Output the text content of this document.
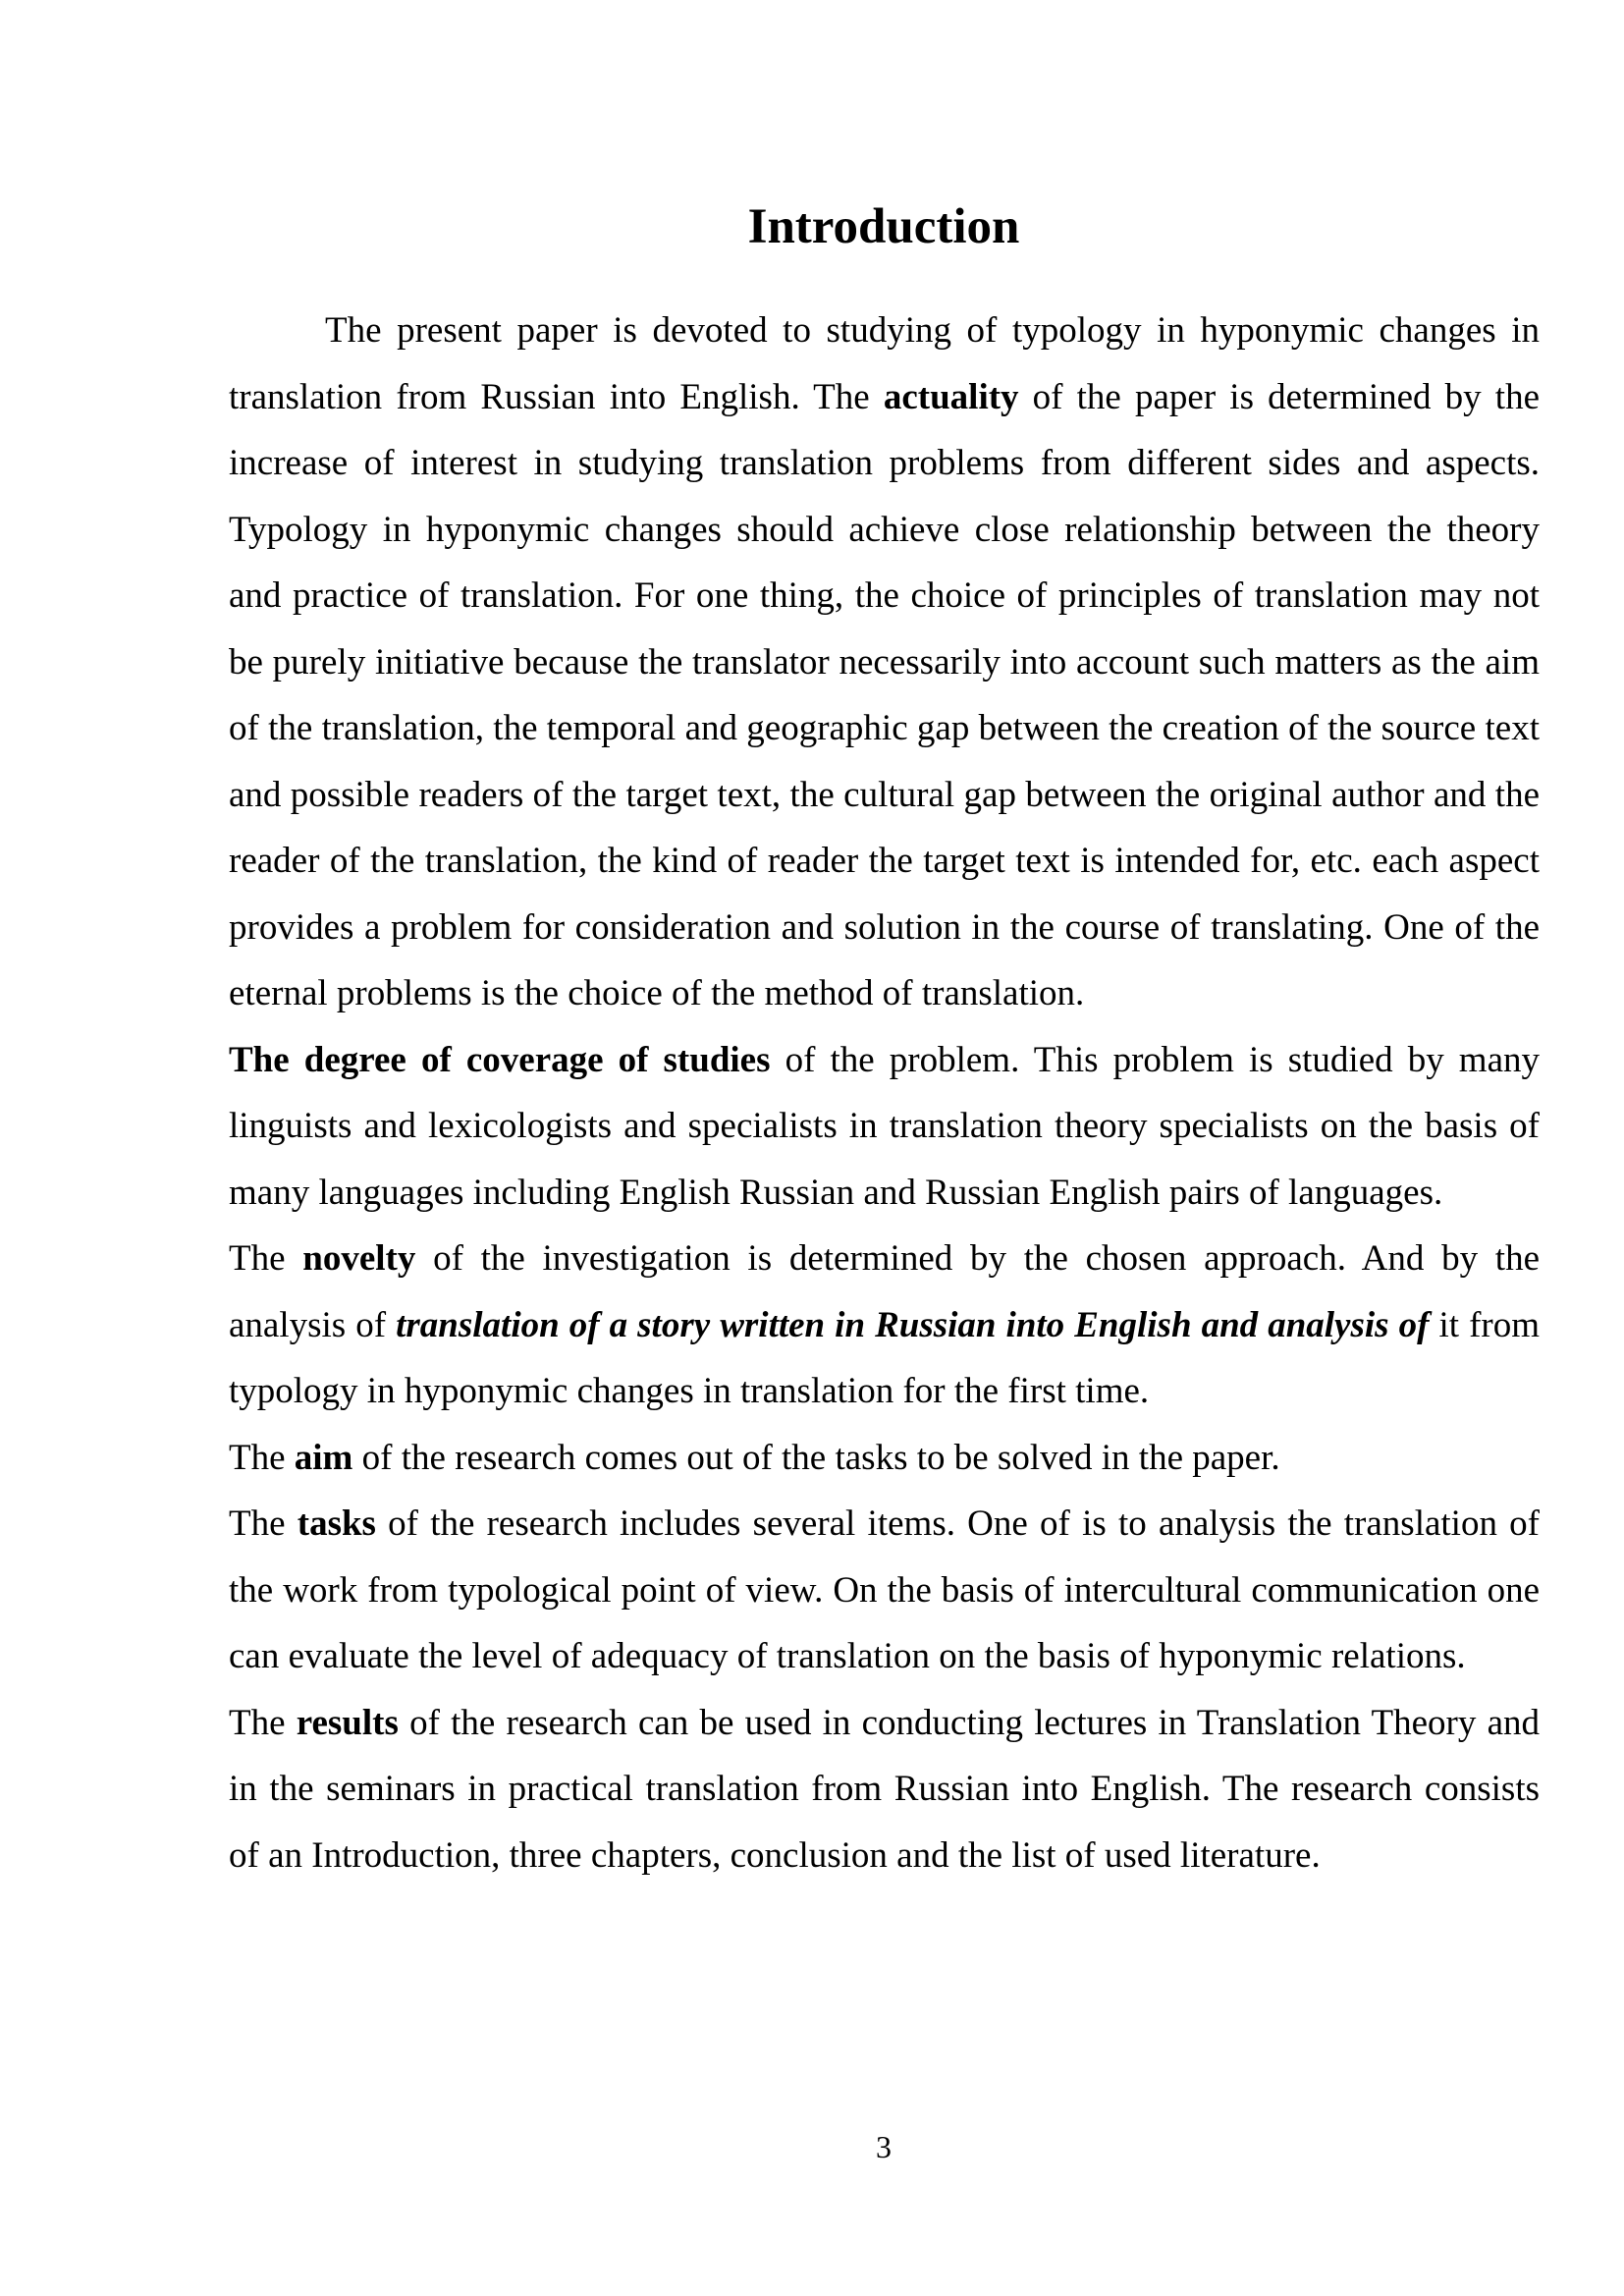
Introduction

The present paper is devoted to studying of typology in hyponymic changes in translation from Russian into English. The actuality of the paper is determined by the increase of interest in studying translation problems from different sides and aspects. Typology in hyponymic changes should achieve close relationship between the theory and practice of translation. For one thing, the choice of principles of translation may not be purely initiative because the translator necessarily into account such matters as the aim of the translation, the temporal and geographic gap between the creation of the source text and possible readers of the target text, the cultural gap between the original author and the reader of the translation, the kind of reader the target text is intended for, etc. each aspect provides a problem for consideration and solution in the course of translating. One of the eternal problems is the choice of the method of translation.

The degree of coverage of studies of the problem. This problem is studied by many linguists and lexicologists and specialists in translation theory specialists on the basis of many languages including English Russian and Russian English pairs of languages.

The novelty of the investigation is determined by the chosen approach. And by the analysis of translation of a story written in Russian into English and analysis of it from typology in hyponymic changes in translation for the first time.

The aim of the research comes out of the tasks to be solved in the paper.

The tasks of the research includes several items. One of is to analysis the translation of the work from typological point of view. On the basis of intercultural communication one can evaluate the level of adequacy of translation on the basis of hyponymic relations.

The results of the research can be used in conducting lectures in Translation Theory and in the seminars in practical translation from Russian into English. The research consists of an Introduction, three chapters, conclusion and the list of used literature.

3
